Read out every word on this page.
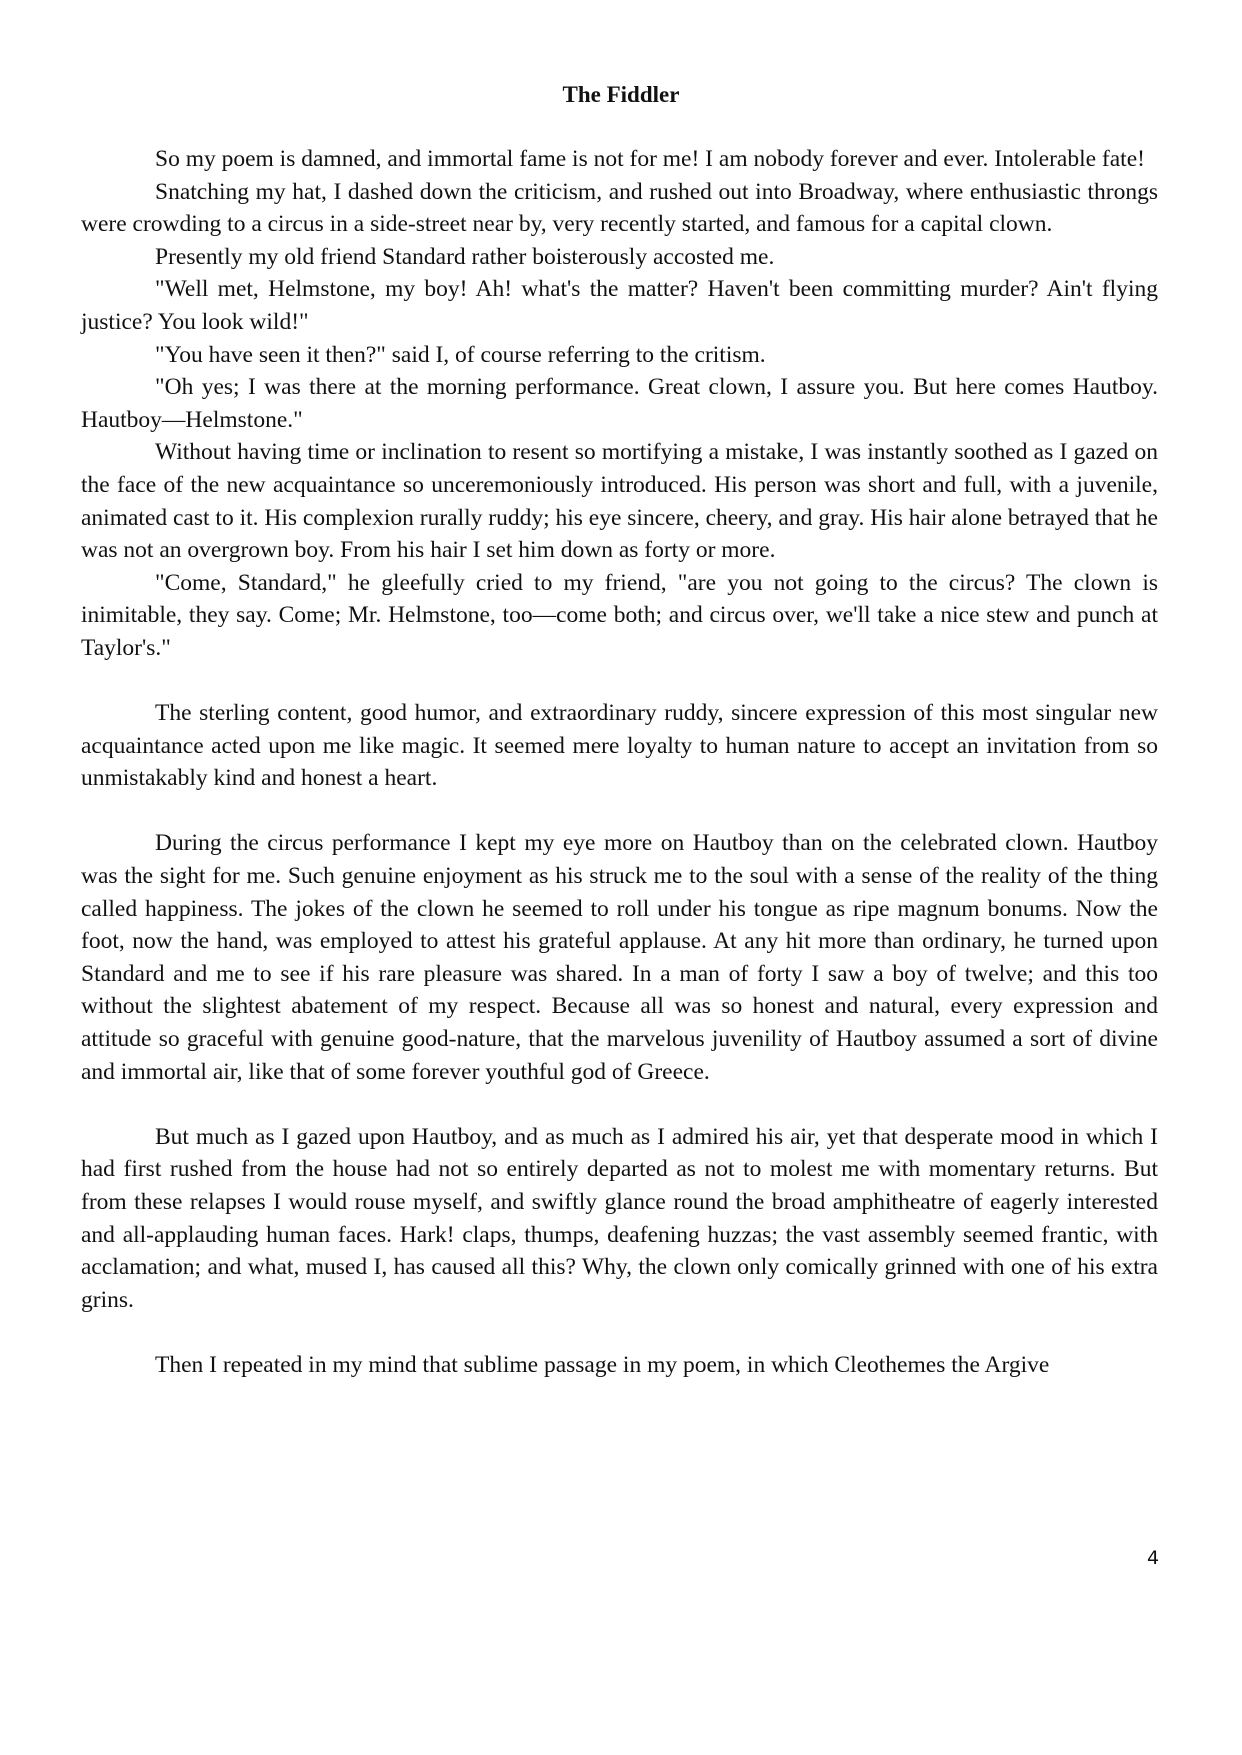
The Fiddler

So my poem is damned, and immortal fame is not for me! I am nobody forever and ever. Intolerable fate!

Snatching my hat, I dashed down the criticism, and rushed out into Broadway, where enthusiastic throngs were crowding to a circus in a side-street near by, very recently started, and famous for a capital clown.

Presently my old friend Standard rather boisterously accosted me.

"Well met, Helmstone, my boy! Ah! what's the matter? Haven't been committing murder? Ain't flying justice? You look wild!"

"You have seen it then?" said I, of course referring to the critism.

"Oh yes; I was there at the morning performance. Great clown, I assure you. But here comes Hautboy. Hautboy—Helmstone."

Without having time or inclination to resent so mortifying a mistake, I was instantly soothed as I gazed on the face of the new acquaintance so unceremoniously introduced. His person was short and full, with a juvenile, animated cast to it. His complexion rurally ruddy; his eye sincere, cheery, and gray. His hair alone betrayed that he was not an overgrown boy. From his hair I set him down as forty or more.

"Come, Standard," he gleefully cried to my friend, "are you not going to the circus? The clown is inimitable, they say. Come; Mr. Helmstone, too—come both; and circus over, we'll take a nice stew and punch at Taylor's."

The sterling content, good humor, and extraordinary ruddy, sincere expression of this most singular new acquaintance acted upon me like magic. It seemed mere loyalty to human nature to accept an invitation from so unmistakably kind and honest a heart.

During the circus performance I kept my eye more on Hautboy than on the celebrated clown. Hautboy was the sight for me. Such genuine enjoyment as his struck me to the soul with a sense of the reality of the thing called happiness. The jokes of the clown he seemed to roll under his tongue as ripe magnum bonums. Now the foot, now the hand, was employed to attest his grateful applause. At any hit more than ordinary, he turned upon Standard and me to see if his rare pleasure was shared. In a man of forty I saw a boy of twelve; and this too without the slightest abatement of my respect. Because all was so honest and natural, every expression and attitude so graceful with genuine good-nature, that the marvelous juvenility of Hautboy assumed a sort of divine and immortal air, like that of some forever youthful god of Greece.

But much as I gazed upon Hautboy, and as much as I admired his air, yet that desperate mood in which I had first rushed from the house had not so entirely departed as not to molest me with momentary returns. But from these relapses I would rouse myself, and swiftly glance round the broad amphitheatre of eagerly interested and all-applauding human faces. Hark! claps, thumps, deafening huzzas; the vast assembly seemed frantic, with acclamation; and what, mused I, has caused all this? Why, the clown only comically grinned with one of his extra grins.

Then I repeated in my mind that sublime passage in my poem, in which Cleothemes the Argive

4
